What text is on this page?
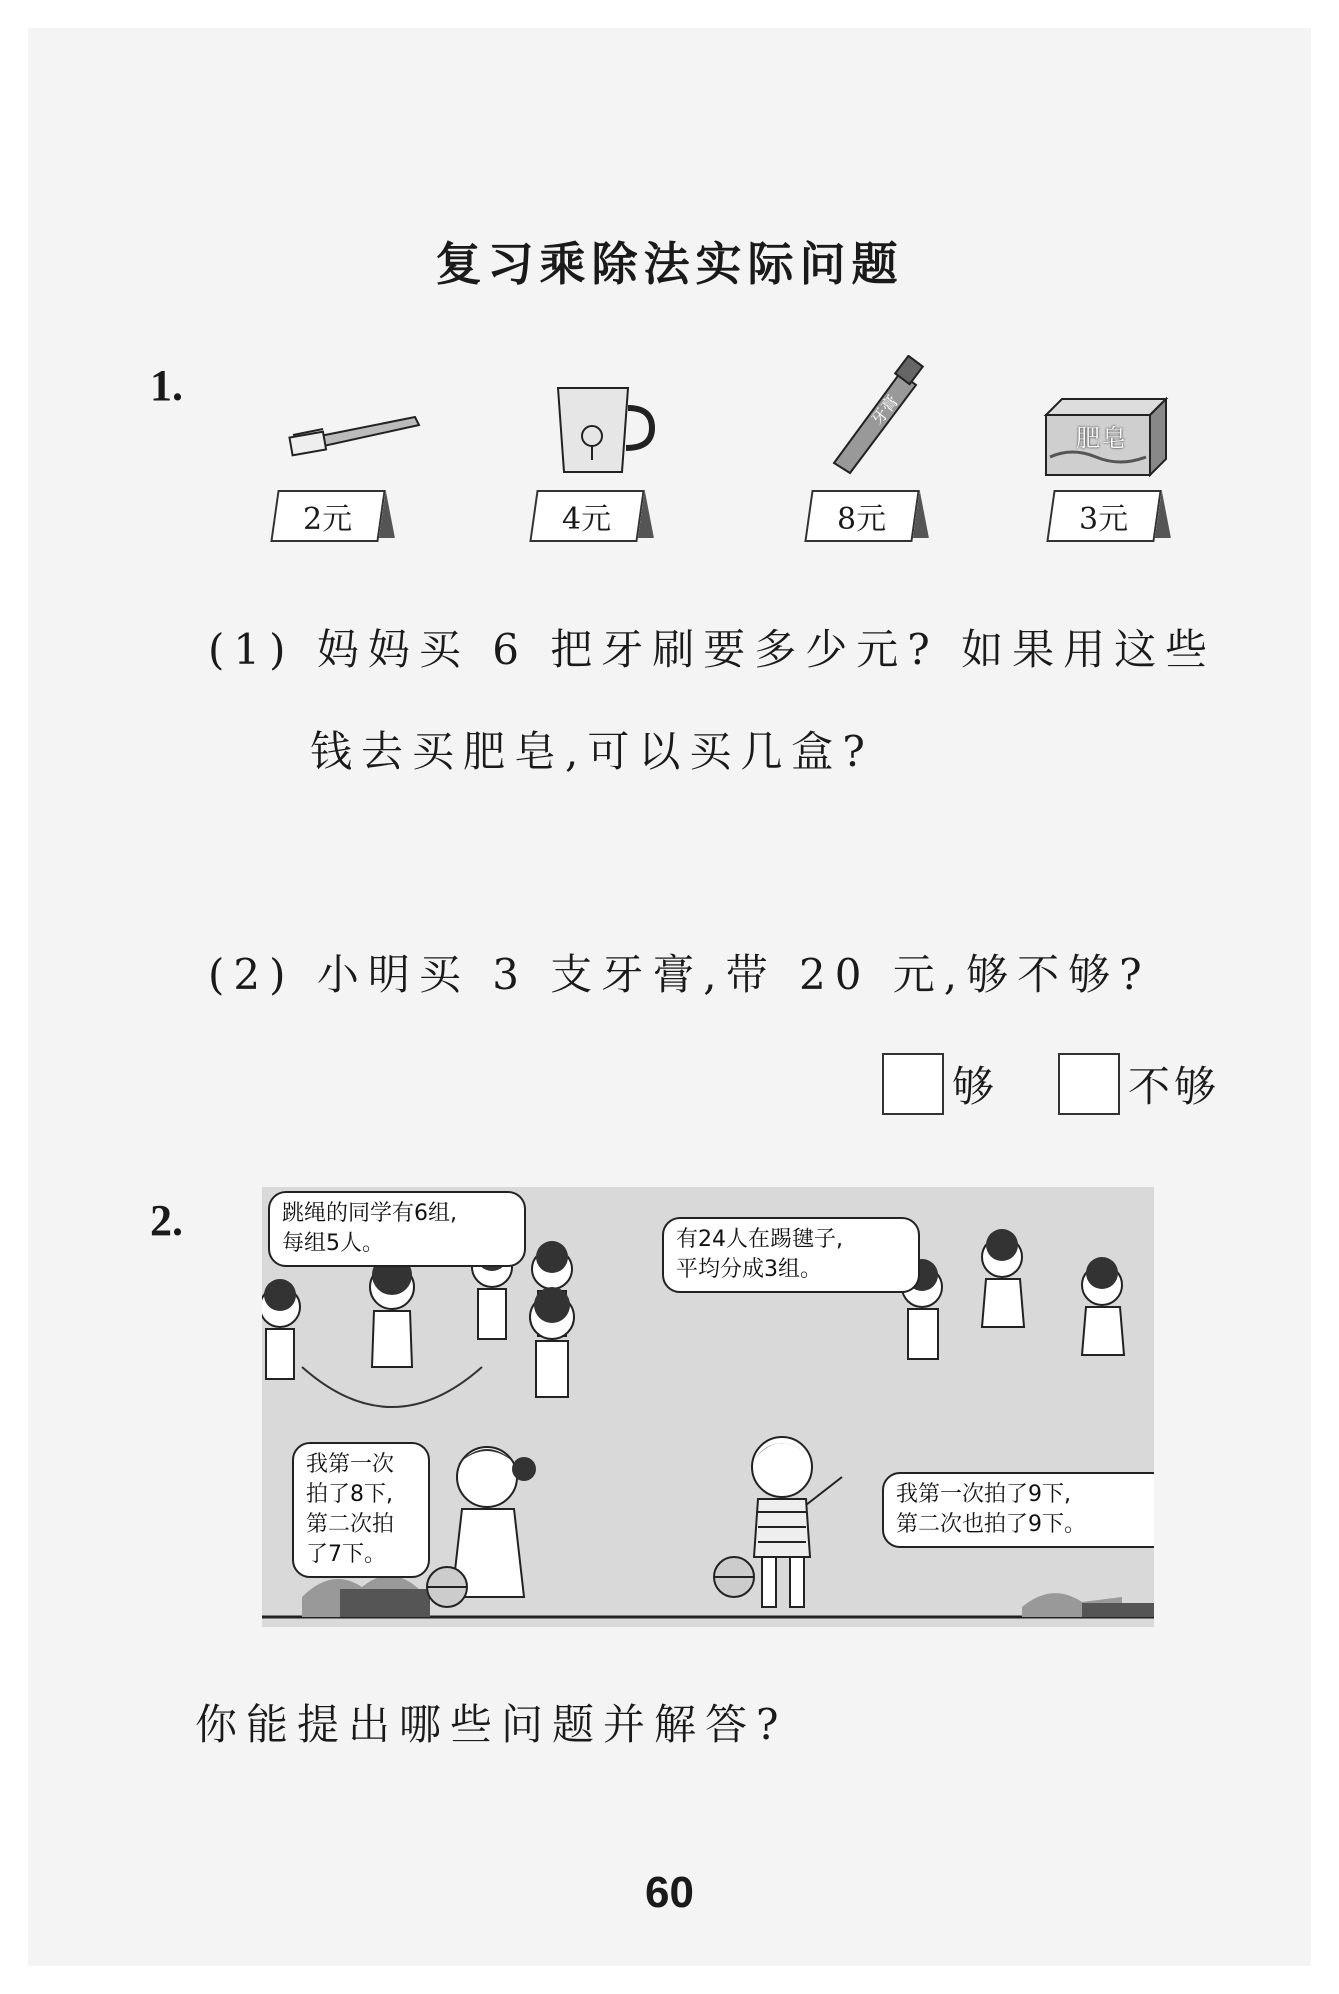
复习乘除法实际问题
1.
2元	4元
牙膏
8元
肥皂
3元
(1) 妈妈买 6 把牙刷要多少元? 如果用这些
钱去买肥皂,可以买几盒?
(2) 小明买 3 支牙膏,带 20 元,够不够?
够	不够
2.	跳绳的同学有6组,
每组5人。	有24人在踢毽子,
平均分成3组。
我第一次
拍了8下,
第二次拍
了7下。
我第一次拍了9下,
第二次也拍了9下。
你能提出哪些问题并解答?
60
